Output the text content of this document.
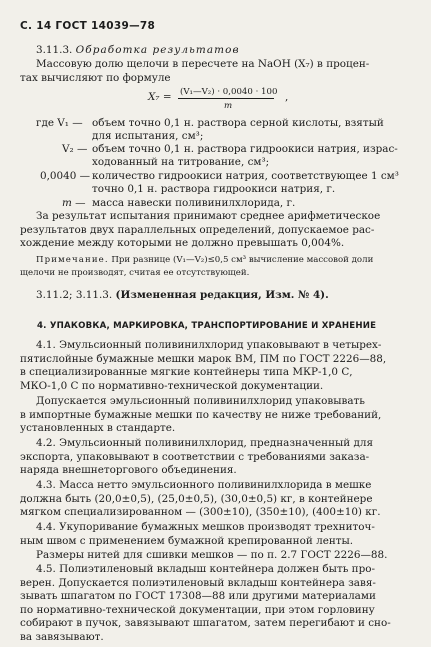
С. 14 ГОСТ 14039—78
3.11.3. Обработка результатов
Массовую долю щелочи в пересчете на NaOH (X₇) в процен-
тах вычисляют по формуле
X₇ = (V₁—V₂) · 0,0040 · 100
m
,
где V₁ — объем точно 0,1 н. раствора серной кислоты, взятый
для испытания, см³;
V₂ — объем точно 0,1 н. раствора гидроокиси натрия, израс-
ходованный на титрование, см³;
0,0040 — количество гидроокиси натрия, соответствующее 1 см³
точно 0,1 н. раствора гидроокиси натрия, г.
m — масса навески поливинилхлорида, г.
За результат испытания принимают среднее арифметическое
результатов двух параллельных определений, допускаемое рас-
хождение между которыми не должно превышать 0,004%.
Примечание. При разнице (V₁—V₂)≤0,5 см³ вычисление массовой доли
щелочи не производят, считая ее отсутствующей.
3.11.2; 3.11.3. (Измененная редакция, Изм. № 4).
4. УПАКОВКА, МАРКИРОВКА, ТРАНСПОРТИРОВАНИЕ И ХРАНЕНИЕ
4.1. Эмульсионный поливинилхлорид упаковывают в четырех-
пятислойные бумажные мешки марок ВМ, ПМ по ГОСТ 2226—88,
в специализированные мягкие контейнеры типа МКР-1,0 С,
МКО-1,0 С по нормативно-технической документации.
Допускается эмульсионный поливинилхлорид упаковывать
в импортные бумажные мешки по качеству не ниже требований,
установленных в стандарте.
4.2. Эмульсионный поливинилхлорид, предназначенный для
экспорта, упаковывают в соответствии с требованиями заказа-
наряда внешнеторгового объединения.
4.3. Масса нетто эмульсионного поливинилхлорида в мешке
должна быть (20,0±0,5), (25,0±0,5), (30,0±0,5) кг, в контейнере
мягком специализированном — (300±10), (350±10), (400±10) кг.
4.4. Укупоривание бумажных мешков производят трехниточ-
ным швом с применением бумажной крепированной ленты.
Размеры нитей для сшивки мешков — по п. 2.7 ГОСТ 2226—88.
4.5. Полиэтиленовый вкладыш контейнера должен быть про-
верен. Допускается полиэтиленовый вкладыш контейнера завя-
зывать шпагатом по ГОСТ 17308—88 или другими материалами
по нормативно-технической документации, при этом горловину
собирают в пучок, завязывают шпагатом, затем перегибают и сно-
ва завязывают.
